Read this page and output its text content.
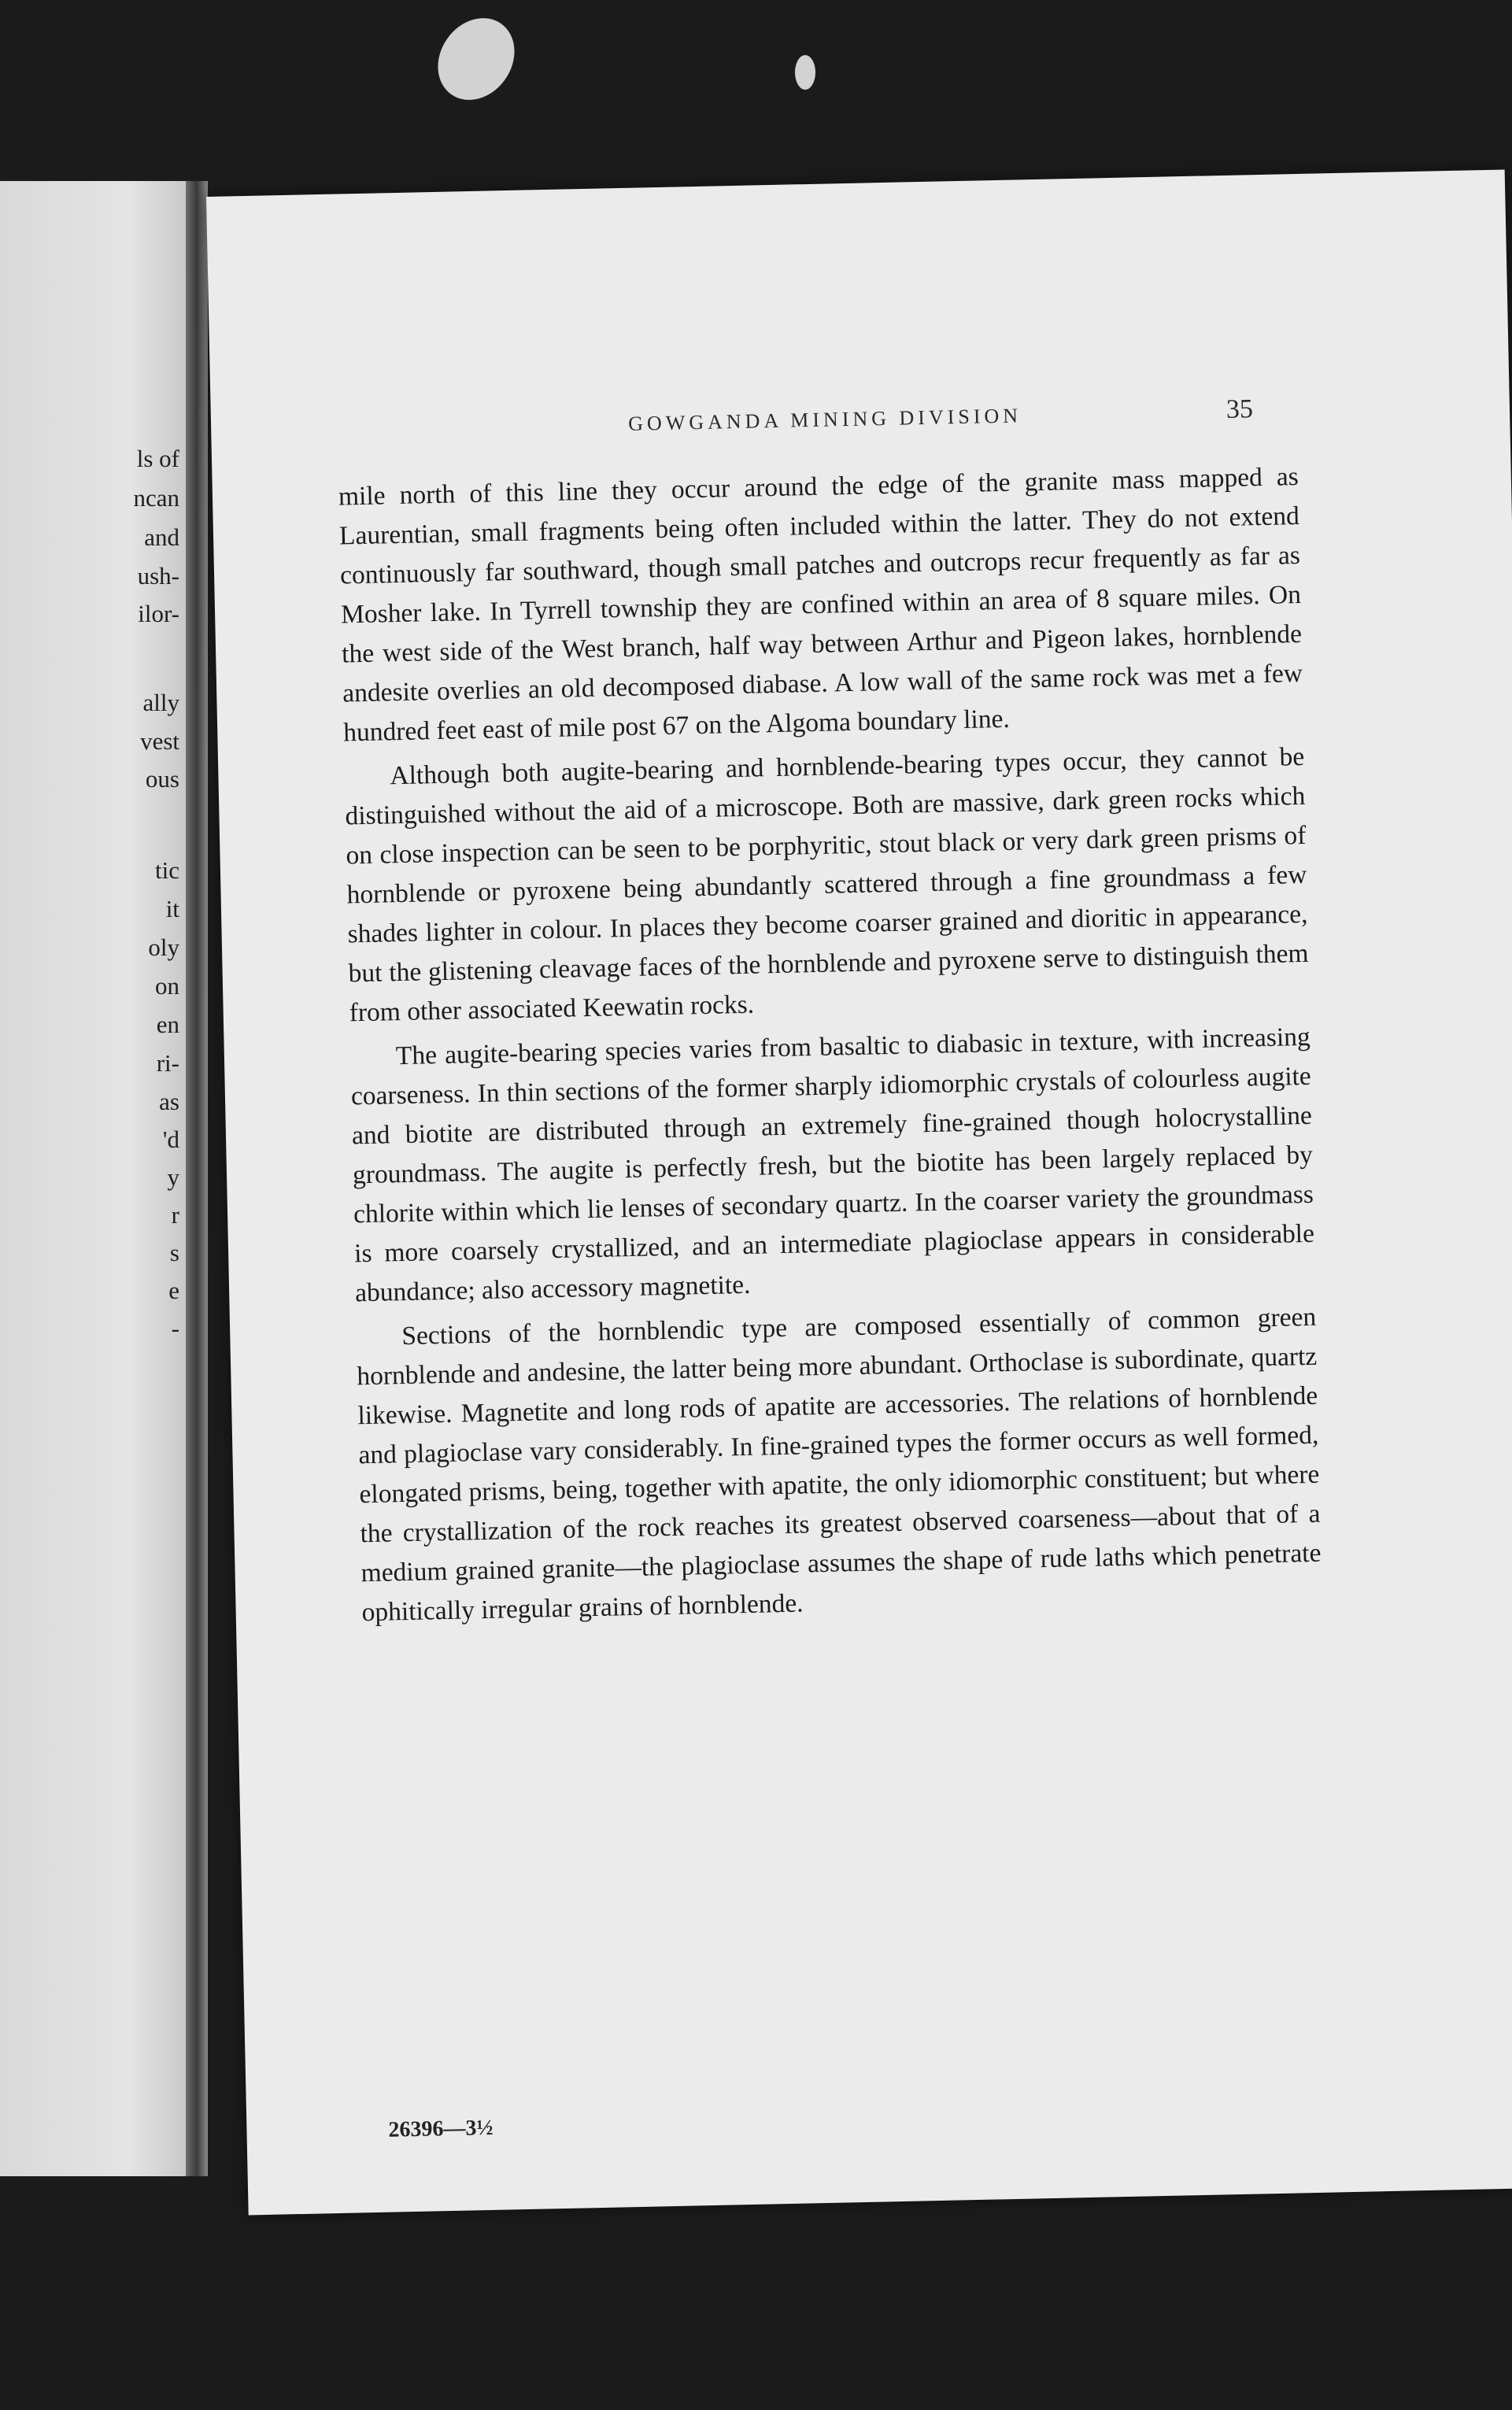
ls of
ncan
and
ush-
ilor-
ally
vest
ous
tic
it
oly
on
en
ri-
as
'd
y
r
s
e
-
GOWGANDA MINING DIVISION	35

mile north of this line they occur around the edge of the granite mass mapped as Laurentian, small fragments being often included within the latter. They do not extend continuously far southward, though small patches and outcrops recur frequently as far as Mosher lake. In Tyrrell township they are confined within an area of 8 square miles. On the west side of the West branch, half way between Arthur and Pigeon lakes, hornblende andesite overlies an old decomposed diabase. A low wall of the same rock was met a few hundred feet east of mile post 67 on the Algoma boundary line.

Although both augite-bearing and hornblende-bearing types occur, they cannot be distinguished without the aid of a microscope. Both are massive, dark green rocks which on close inspection can be seen to be porphyritic, stout black or very dark green prisms of hornblende or pyroxene being abundantly scattered through a fine groundmass a few shades lighter in colour. In places they become coarser grained and dioritic in appearance, but the glistening cleavage faces of the hornblende and pyroxene serve to distinguish them from other associated Keewatin rocks.

The augite-bearing species varies from basaltic to diabasic in texture, with increasing coarseness. In thin sections of the former sharply idiomorphic crystals of colourless augite and biotite are distributed through an extremely fine-grained though holocrystalline groundmass. The augite is perfectly fresh, but the biotite has been largely replaced by chlorite within which lie lenses of secondary quartz. In the coarser variety the groundmass is more coarsely crystallized, and an intermediate plagioclase appears in considerable abundance; also accessory magnetite.

Sections of the hornblendic type are composed essentially of common green hornblende and andesine, the latter being more abundant. Orthoclase is subordinate, quartz likewise. Magnetite and long rods of apatite are accessories. The relations of hornblende and plagioclase vary considerably. In fine-grained types the former occurs as well formed, elongated prisms, being, together with apatite, the only idiomorphic constituent; but where the crystallization of the rock reaches its greatest observed coarseness—about that of a medium grained granite—the plagioclase assumes the shape of rude laths which penetrate ophitically irregular grains of hornblende.

26396—3½
